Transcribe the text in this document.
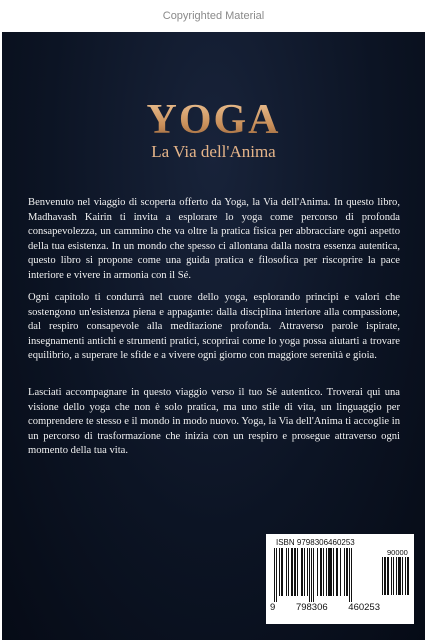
Copyrighted Material
YOGA
La Via dell'Anima

Benvenuto nel viaggio di scoperta offerto da Yoga, la Via dell'Anima. In questo libro, Madhavash Kairin ti invita a esplorare lo yoga come percorso di profonda consapevolezza, un cammino che va oltre la pratica fisica per abbracciare ogni aspetto della tua esistenza. In un mondo che spesso ci allontana dalla nostra essenza autentica, questo libro si propone come una guida pratica e filosofica per riscoprire la pace interiore e vivere in armonia con il Sé.

Ogni capitolo ti condurrà nel cuore dello yoga, esplorando principi e valori che sostengono un'esistenza piena e appagante: dalla disciplina interiore alla compassione, dal respiro consapevole alla meditazione profonda. Attraverso parole ispirate, insegnamenti antichi e strumenti pratici, scoprirai come lo yoga possa aiutarti a trovare equilibrio, a superare le sfide e a vivere ogni giorno con maggiore serenità e gioia.

Lasciati accompagnare in questo viaggio verso il tuo Sé autentico. Troverai qui una visione dello yoga che non è solo pratica, ma uno stile di vita, un linguaggio per comprendere te stesso e il mondo in modo nuovo. Yoga, la Via dell'Anima ti accoglie in un percorso di trasformazione che inizia con un respiro e prosegue attraverso ogni momento della tua vita.

ISBN 9798306460253
90000
9 798306 460253
